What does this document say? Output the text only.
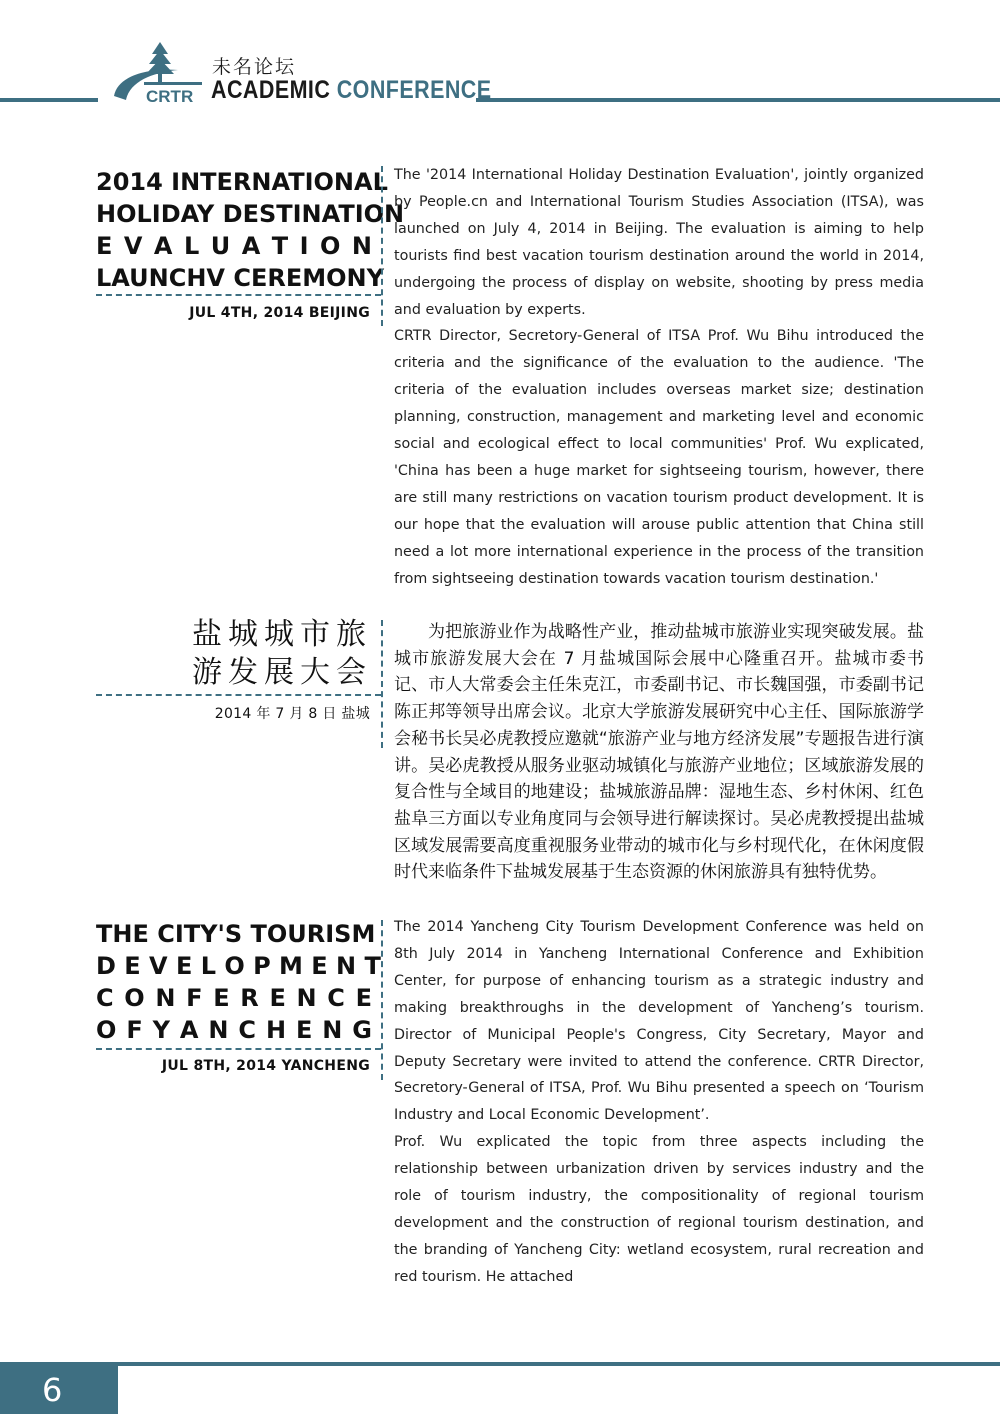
CRTR
未名论坛
ACADEMIC CONFERENCE
2014 INTERNATIONAL
HOLIDAY DESTINATION
E V A L U A T I O N
LAUNCHV CEREMONY
JUL 4TH, 2014 BEIJING

The '2014 International Holiday Destination Evaluation', jointly organized by People.cn and International Tourism Studies Association (ITSA), was launched on July 4, 2014 in Beijing. The evaluation is aiming to help tourists find best vacation tourism destination around the world in 2014, undergoing the process of display on website, shooting by press media and evaluation by experts.

CRTR Director, Secretory-General of ITSA Prof. Wu Bihu introduced the criteria and the significance of the evaluation to the audience. 'The criteria of the evaluation includes overseas market size; destination planning, construction, management and marketing level and economic social and ecological effect to local communities' Prof. Wu explicated, 'China has been a huge market for sightseeing tourism, however, there are still many restrictions on vacation tourism product development. It is our hope that the evaluation will arouse public attention that China still need a lot more international experience in the process of the transition from sightseeing destination towards vacation tourism destination.'

盐城城市旅
游发展大会
2014 年 7 月 8 日 盐城

为把旅游业作为战略性产业，推动盐城市旅游业实现突破发展。盐城市旅游发展大会在 7 月盐城国际会展中心隆重召开。盐城市委书记、市人大常委会主任朱克江，市委副书记、市长魏国强，市委副书记陈正邦等领导出席会议。北京大学旅游发展研究中心主任、国际旅游学会秘书长吴必虎教授应邀就“旅游产业与地方经济发展”专题报告进行演讲。吴必虎教授从服务业驱动城镇化与旅游产业地位；区域旅游发展的复合性与全域目的地建设；盐城旅游品牌：湿地生态、乡村休闲、红色盐阜三方面以专业角度同与会领导进行解读探讨。吴必虎教授提出盐城区域发展需要高度重视服务业带动的城市化与乡村现代化，在休闲度假时代来临条件下盐城发展基于生态资源的休闲旅游具有独特优势。

THE CITY'S TOURISM
D E V E L O P M E N T
C O N F E R E N C E
O F Y A N C H E N G
JUL 8TH, 2014 YANCHENG

The 2014 Yancheng City Tourism Development Conference was held on 8th July 2014 in Yancheng International Conference and Exhibition Center, for purpose of enhancing tourism as a strategic industry and making breakthroughs in the development of Yancheng’s tourism. Director of Municipal People's Congress, City Secretary, Mayor and Deputy Secretary were invited to attend the conference. CRTR Director, Secretory-General of ITSA, Prof. Wu Bihu presented a speech on ‘Tourism Industry and Local Economic Development’.

Prof. Wu explicated the topic from three aspects including the relationship between urbanization driven by services industry and the role of tourism industry, the compositionality of regional tourism development and the construction of regional tourism destination, and the branding of Yancheng City: wetland ecosystem, rural recreation and red tourism. He attached

6
